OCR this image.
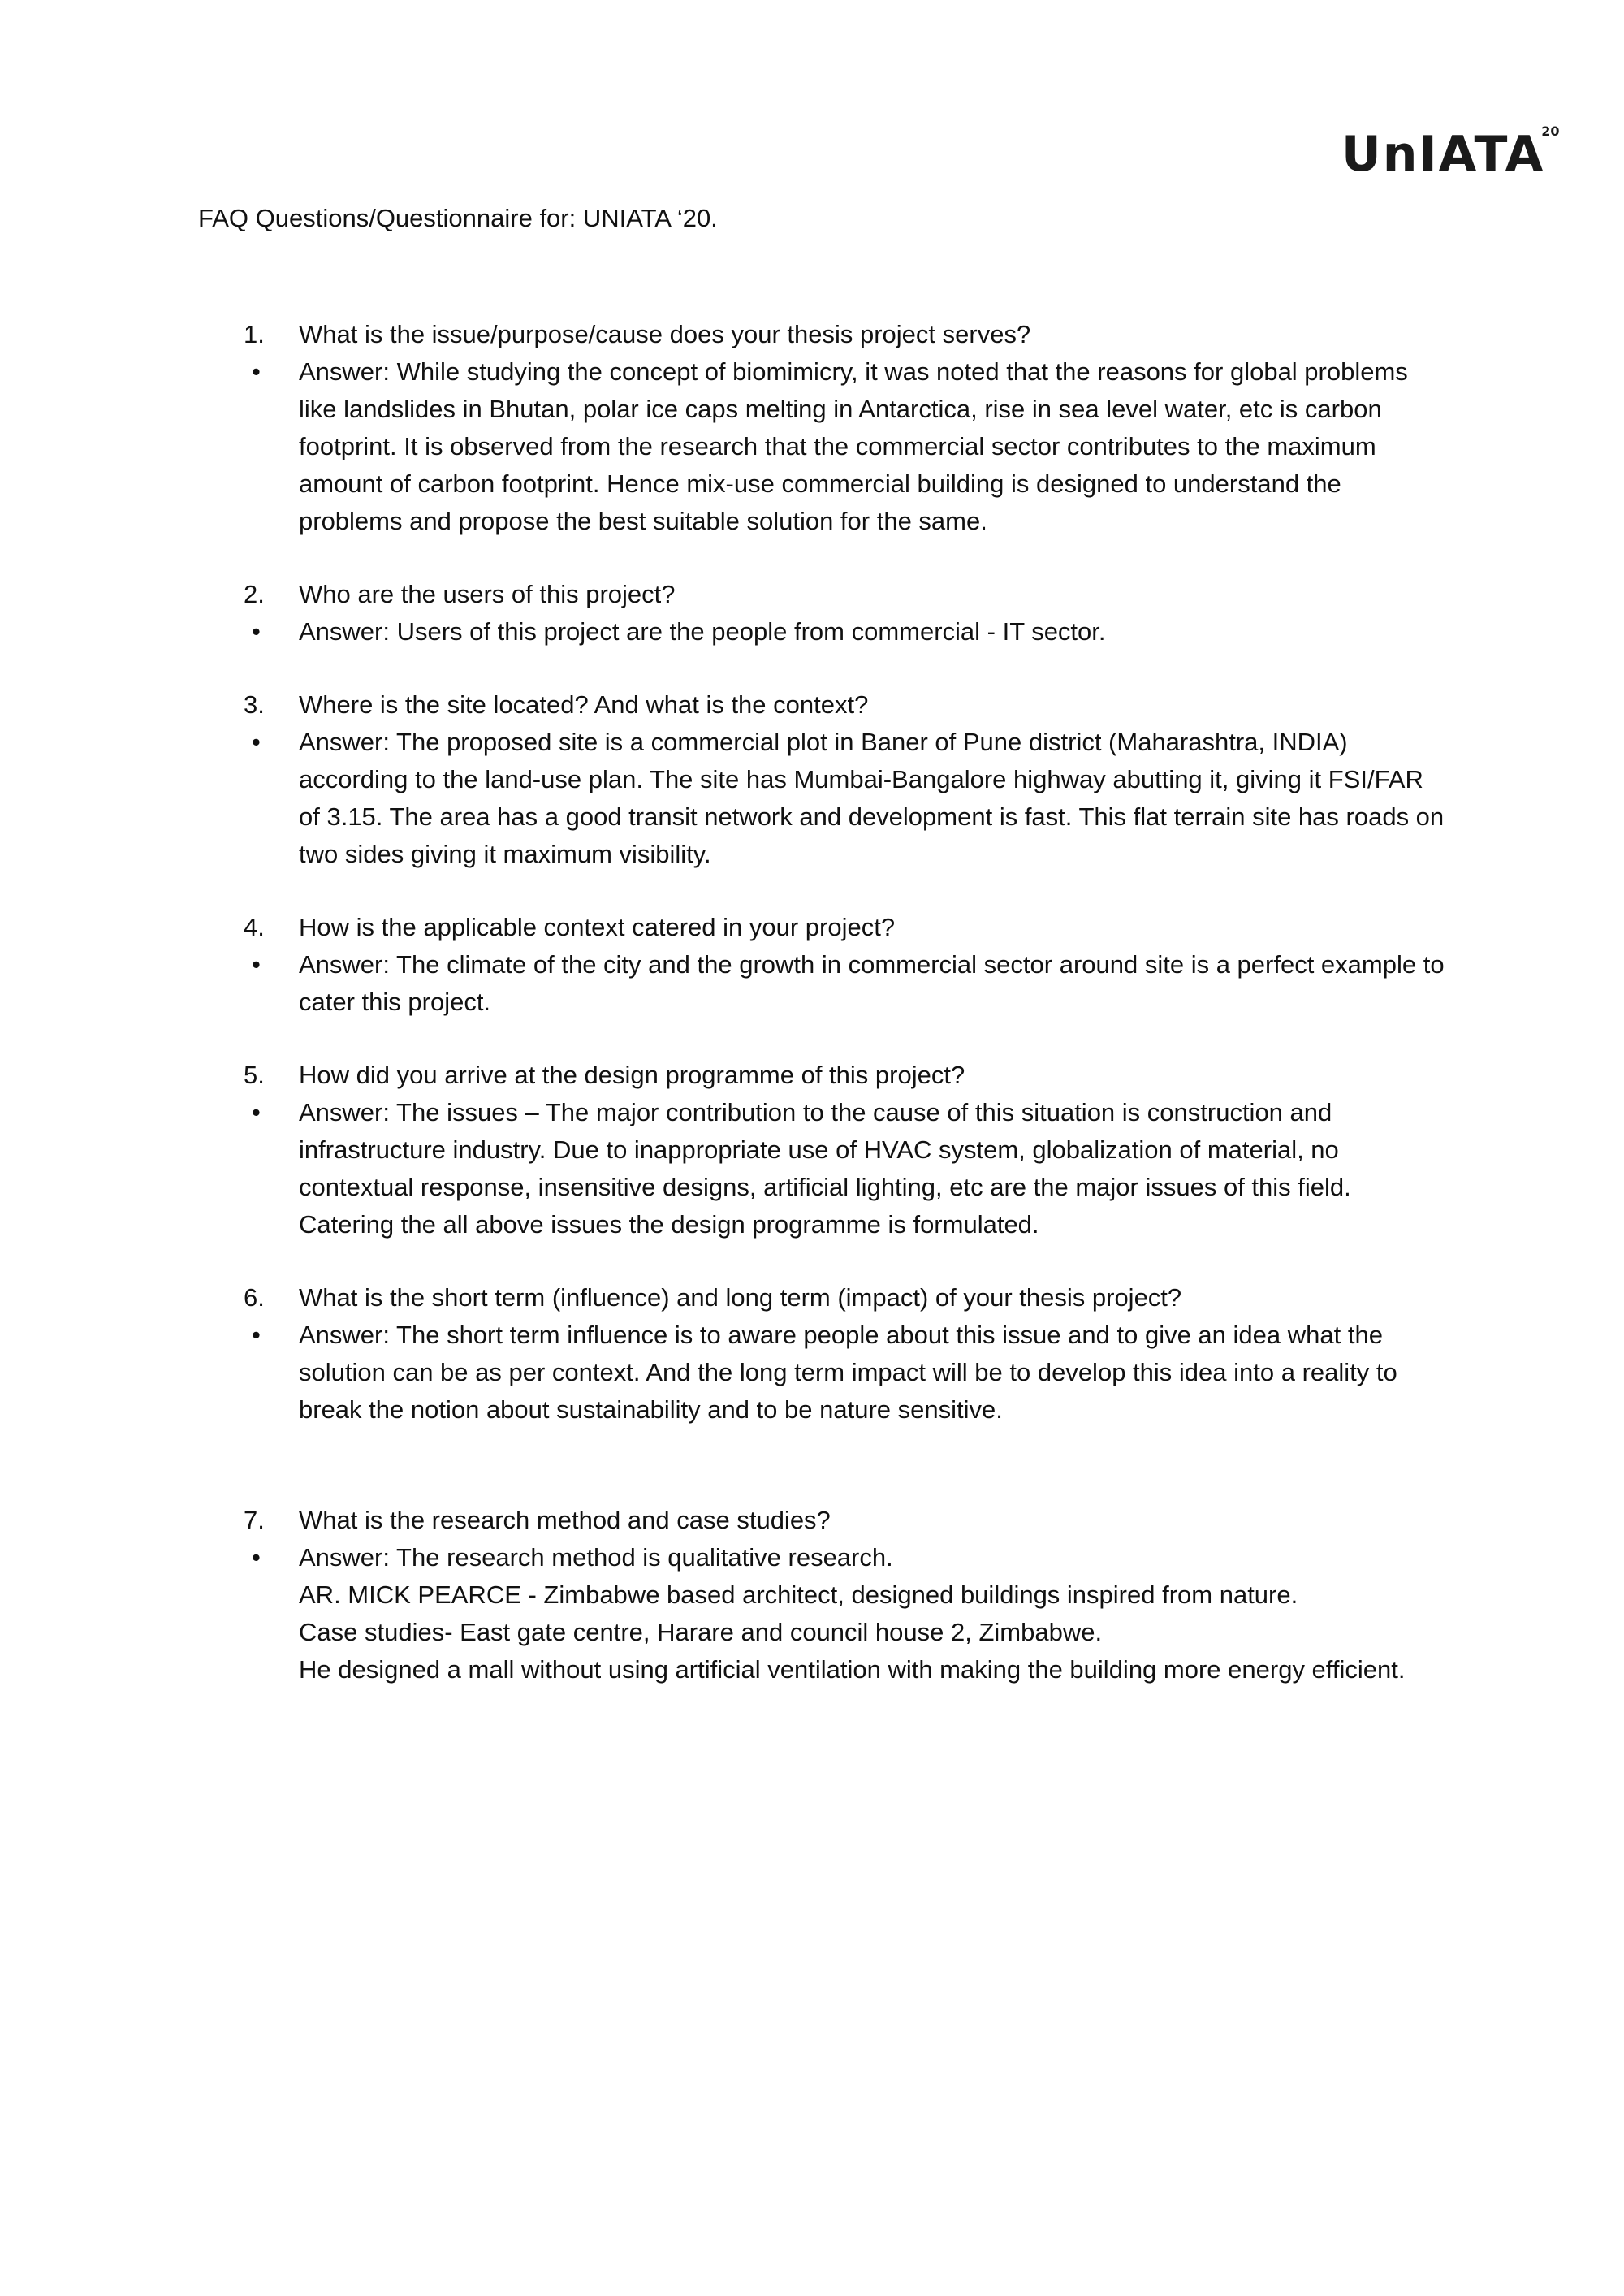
UnIATA
20
FAQ Questions/Questionnaire for: UNIATA ‘20.
1.	What is the issue/purpose/cause does your thesis project serves?
•	Answer: While studying the concept of biomimicry, it was noted that the reasons for global problems like landslides in Bhutan, polar ice caps melting in Antarctica, rise in sea level water, etc is carbon footprint. It is observed from the research that the commercial sector contributes to the maximum amount of carbon footprint. Hence mix-use commercial building is designed to understand the problems and propose the best suitable solution for the same.
2.	Who are the users of this project?
•	Answer: Users of this project are the people from commercial - IT sector.
3.	Where is the site located? And what is the context?
•	Answer: The proposed site is a commercial plot in Baner of Pune district (Maharashtra, INDIA) according to the land-use plan. The site has Mumbai-Bangalore highway abutting it, giving it FSI/FAR of 3.15. The area has a good transit network and development is fast. This flat terrain site has roads on two sides giving it maximum visibility.
4.	How is the applicable context catered in your project?
•	Answer: The climate of the city and the growth in commercial sector around site is a perfect example to cater this project.
5.	How did you arrive at the design programme of this project?
•	Answer: The issues – The major contribution to the cause of this situation is construction and infrastructure industry. Due to inappropriate use of HVAC system, globalization of material, no contextual response, insensitive designs, artificial lighting, etc are the major issues of this field. Catering the all above issues the design programme is formulated.
6.	What is the short term (influence) and long term (impact) of your thesis project?
•	Answer: The short term influence is to aware people about this issue and to give an idea what the solution can be as per context. And the long term impact will be to develop this idea into a reality to break the notion about sustainability and to be nature sensitive.
7.	What is the research method and case studies?
•	Answer: The research method is qualitative research.
AR. MICK PEARCE - Zimbabwe based architect, designed buildings inspired from nature.
Case studies- East gate centre, Harare and council house 2, Zimbabwe.
He designed a mall without using artificial ventilation with making the building more energy efficient.
